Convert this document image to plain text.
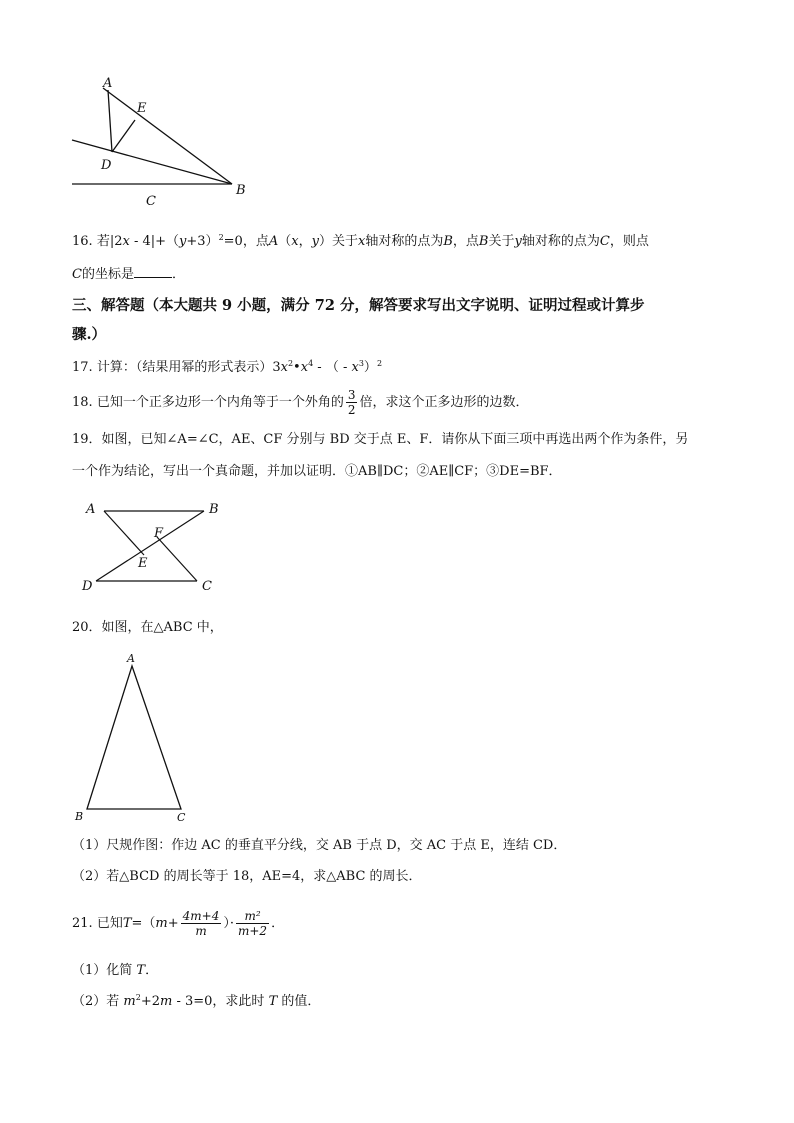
A
E
D
B
C
16. 若$|2x - 4|+(y+3)^2=0$，点A（x，y）关于x轴对称的点为B，点B关于y轴对称的点为C，则点
C的坐标是	．
三、解答题（本大题共 9 小题，满分 72 分，解答要求写出文字说明、证明过程或计算步
骤.）
17. 计算：（结果用幂的形式表示）$3x^2•x^4$ - （ - $x^3)^2$
18. 已知一个正多边形一个内角等于一个外角的 $\frac{3}{2}$ 倍，求这个正多边形的边数．
19．如图，已知∠A=∠C，AE、CF 分别与 BD 交于点 E、F．请你从下面三项中再选出两个作为条件，另
一个作为结论，写出一个真命题，并加以证明．①AB∥DC；②AE∥CF；③DE=BF．
A	B
F
E
D	C
20．如图，在△ABC 中，
A
B	C
（1）尺规作图：作边 AC 的垂直平分线，交 AB 于点 D，交 AC 于点 E，连结 CD．
（2）若△BCD 的周长等于 18，AE=4，求△ABC 的周长．
21. 已知$T=(m+ \frac{4m+4}{m}$ ）· $\frac{\text{m²}}{m+2}$ ．
（1）化简 T．
（2）若 $m^2+2m - 3=0$，求此时 T 的值．
